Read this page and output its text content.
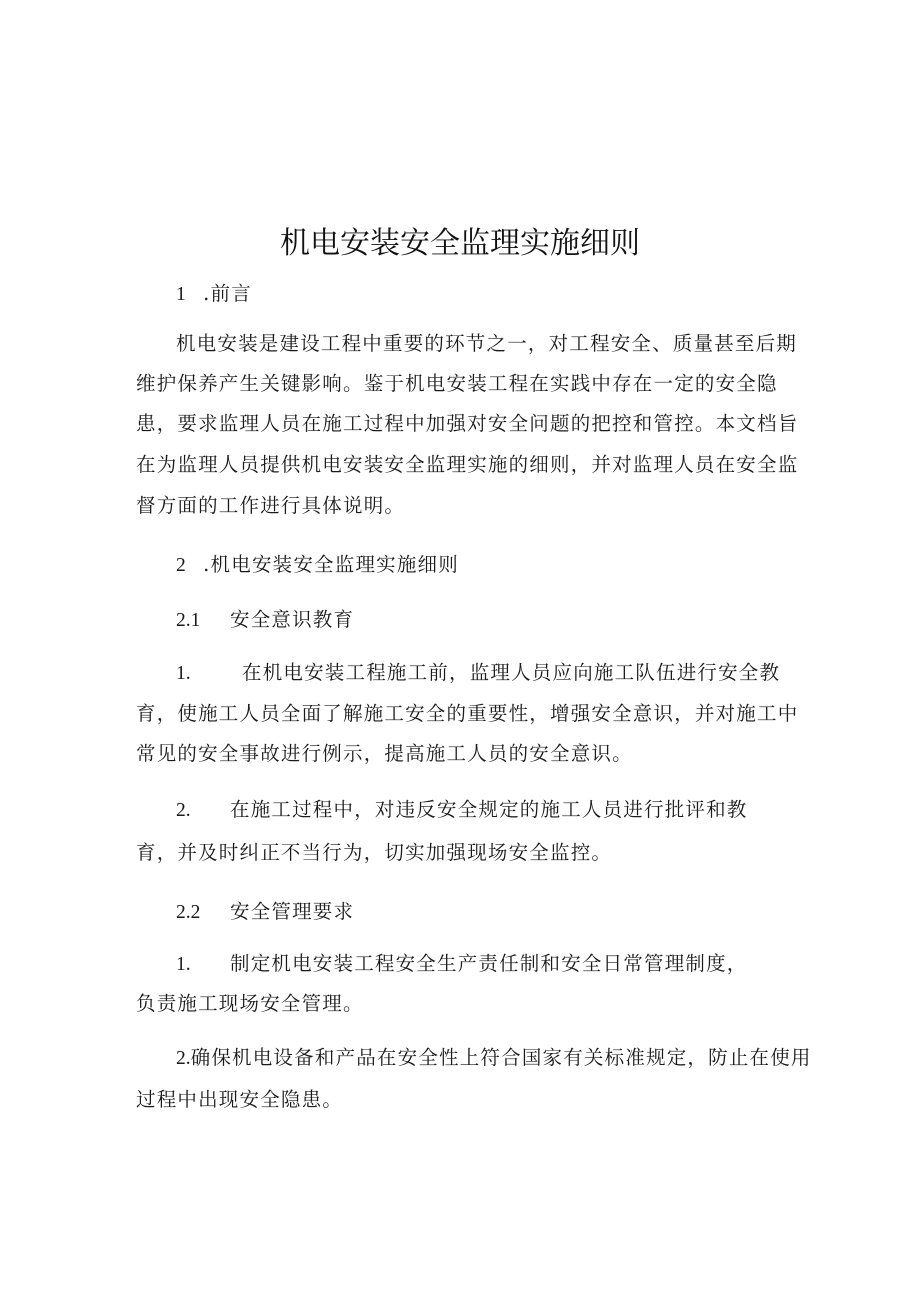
机电安装安全监理实施细则
1 .前言
机电安装是建设工程中重要的环节之一，对工程安全、质量甚至后期
维护保养产生关键影响。鉴于机电安装工程在实践中存在一定的安全隐
患，要求监理人员在施工过程中加强对安全问题的把控和管控。本文档旨
在为监理人员提供机电安装安全监理实施的细则，并对监理人员在安全监
督方面的工作进行具体说明。
2 .机电安装安全监理实施细则
2.1 安全意识教育
1.	在机电安装工程施工前，监理人员应向施工队伍进行安全教
育，使施工人员全面了解施工安全的重要性，增强安全意识，并对施工中
常见的安全事故进行例示，提高施工人员的安全意识。
2. 在施工过程中，对违反安全规定的施工人员进行批评和教
育，并及时纠正不当行为，切实加强现场安全监控。
2.2 安全管理要求
1. 制定机电安装工程安全生产责任制和安全日常管理制度，
负责施工现场安全管理。
2.确保机电设备和产品在安全性上符合国家有关标准规定，防止在使用
过程中出现安全隐患。
